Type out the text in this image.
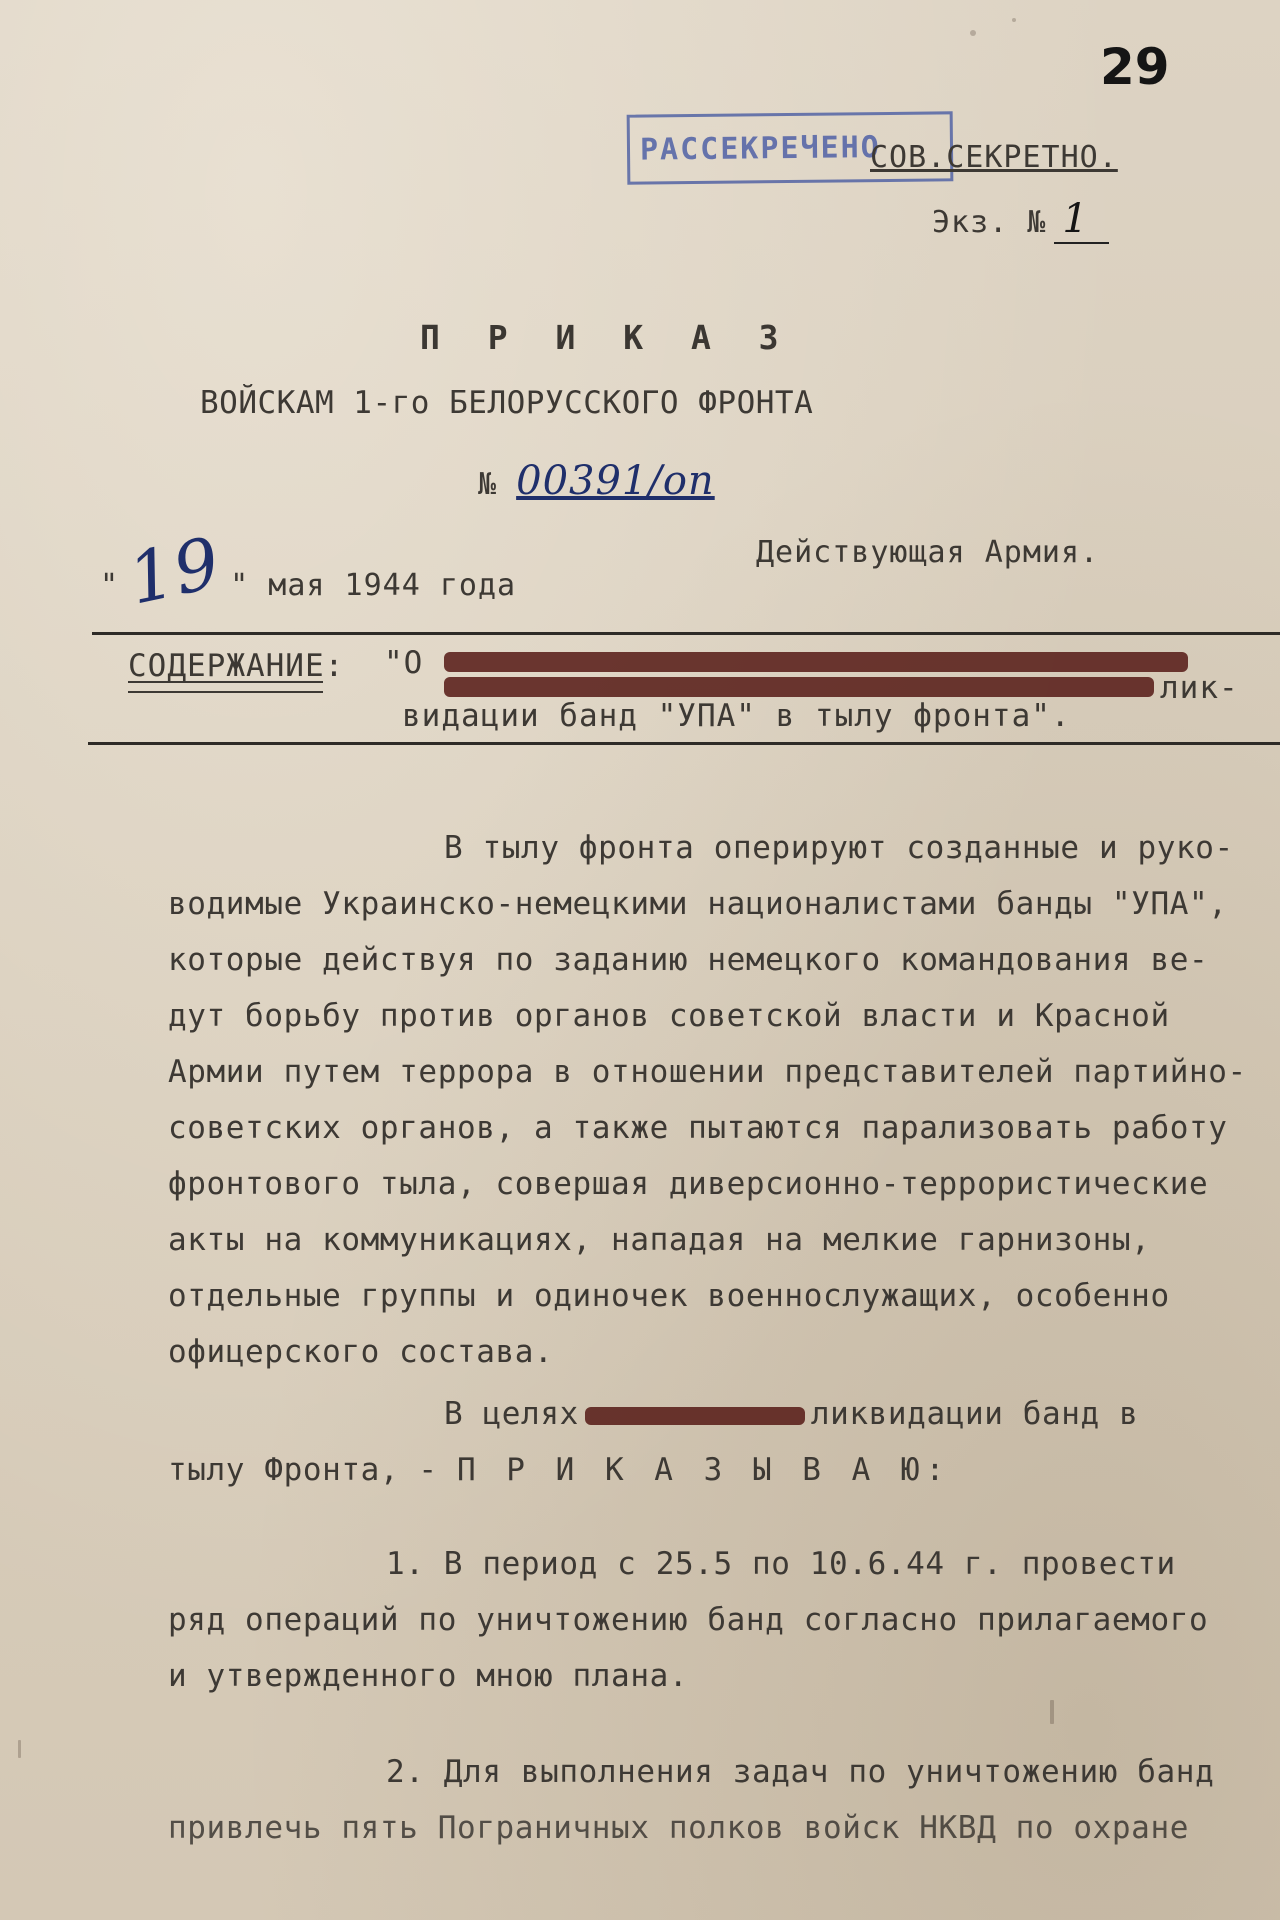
29
РАССЕКРЕЧЕНО
СОВ.СЕКРЕТНО.
Экз. № 1
П Р И К А З
ВОЙСКАМ 1-го БЕЛОРУССКОГО ФРОНТА
№ 00391/оп
"19" мая 1944 года
Действующая Армия.
СОДЕРЖАНИЕ: "О
лик-
видации банд "УПА" в тылу фронта".
В тылу фронта оперируют созданные и руко-
водимые Украинско-немецкими националистами банды "УПА",
которые действуя по заданию немецкого командования ве-
дут борьбу против органов советской власти и Красной
Армии путем террора в отношении представителей партийно-
советских органов, а также пытаются парализовать работу
фронтового тыла, совершая диверсионно-террористические
акты на коммуникациях, нападая на мелкие гарнизоны,
отдельные группы и одиночек военнослужащих, особенно
офицерского состава.
В целях	ликвидации банд в
тылу Фронта, - П Р И К А З Ы В А Ю:
1. В период с 25.5 по 10.6.44 г. провести
ряд операций по уничтожению банд согласно прилагаемого
и утвержденного мною плана.
2. Для выполнения задач по уничтожению банд
привлечь пять Пограничных полков войск НКВД по охране
